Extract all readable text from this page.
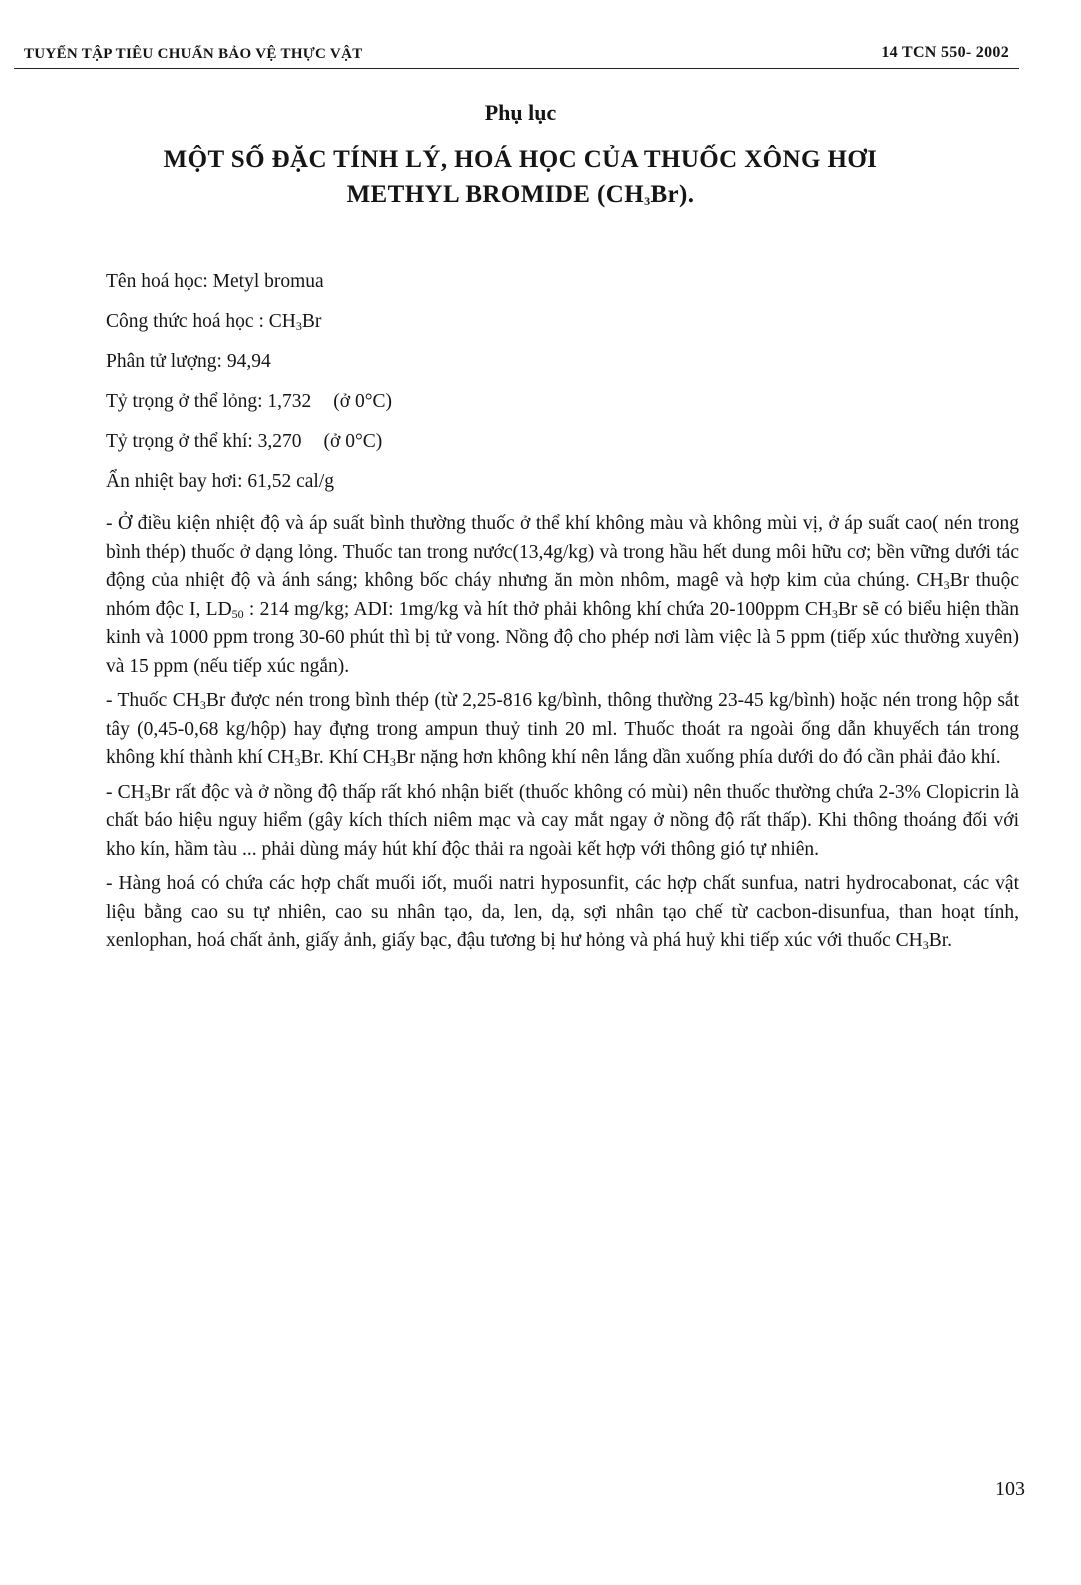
TUYỂN TẬP TIÊU CHUẨN BẢO VỆ THỰC VẬT	14 TCN 550- 2002
Phụ lục
MỘT SỐ ĐẶC TÍNH LÝ, HOÁ HỌC CỦA THUỐC XÔNG HƠI
METHYL BROMIDE $(CH_3Br)$.
Tên hoá học: Metyl bromua
Công thức hoá học : $CH_3Br$
Phân tử lượng: 94,94
Tỷ trọng ở thể lỏng: 1,732 (ở 0°C)
Tỷ trọng ở thể khí: 3,270 (ở 0°C)
Ẩn nhiệt bay hơi: 61,52 cal/g

- Ở điều kiện nhiệt độ và áp suất bình thường thuốc ở thể khí không màu và không mùi vị, ở áp suất cao( nén trong bình thép) thuốc ở dạng lỏng. Thuốc tan trong nước(13,4g/kg) và trong hầu hết dung môi hữu cơ; bền vững dưới tác động của nhiệt độ và ánh sáng; không bốc cháy nhưng ăn mòn nhôm, magê và hợp kim của chúng. $CH_3Br$ thuộc nhóm độc I, $LD_{50}$ : 214 mg/kg; ADI: 1mg/kg và hít thở phải không khí chứa 20-100ppm $CH_3Br$ sẽ có biểu hiện thần kinh và 1000 ppm trong 30-60 phút thì bị tử vong. Nồng độ cho phép nơi làm việc là 5 ppm (tiếp xúc thường xuyên) và 15 ppm (nếu tiếp xúc ngắn).

- Thuốc $CH_3Br$ được nén trong bình thép (từ 2,25-816 kg/bình, thông thường 23-45 kg/bình) hoặc nén trong hộp sắt tây (0,45-0,68 kg/hộp) hay đựng trong ampun thuỷ tinh 20 ml. Thuốc thoát ra ngoài ống dẫn khuyếch tán trong không khí thành khí $CH_3Br$. Khí $CH_3Br$ nặng hơn không khí nên lắng dần xuống phía dưới do đó cần phải đảo khí.

- $CH_3Br$ rất độc và ở nồng độ thấp rất khó nhận biết (thuốc không có mùi) nên thuốc thường chứa 2-3% Clopicrin là chất báo hiệu nguy hiểm (gây kích thích niêm mạc và cay mắt ngay ở nồng độ rất thấp). Khi thông thoáng đối với kho kín, hầm tàu ... phải dùng máy hút khí độc thải ra ngoài kết hợp với thông gió tự nhiên.

- Hàng hoá có chứa các hợp chất muối iốt, muối natri hyposunfit, các hợp chất sunfua, natri hydrocabonat, các vật liệu bằng cao su tự nhiên, cao su nhân tạo, da, len, dạ, sợi nhân tạo chế từ cacbon-disunfua, than hoạt tính, xenlophan, hoá chất ảnh, giấy ảnh, giấy bạc, đậu tương bị hư hỏng và phá huỷ khi tiếp xúc với thuốc $CH_3Br$.

103
